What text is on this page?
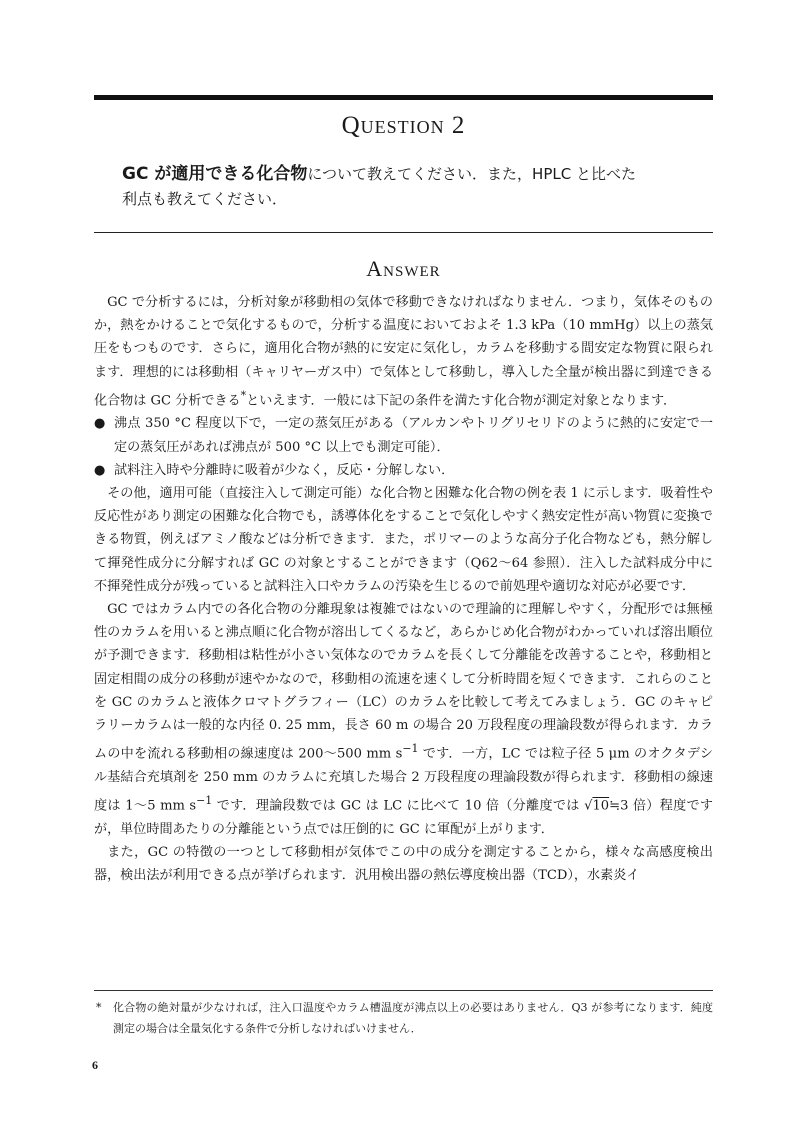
Question 2
GC が適用できる化合物について教えてください．また，HPLC と比べた
利点も教えてください．
Answer

GC で分析するには，分析対象が移動相の気体で移動できなければなりません．つまり，気体そのものか，熱をかけることで気化するもので，分析する温度においておよそ 1.3 kPa（10 mmHg）以上の蒸気圧をもつものです．さらに，適用化合物が熱的に安定に気化し，カラムを移動する間安定な物質に限られます．理想的には移動相（キャリヤーガス中）で気体として移動し，導入した全量が検出器に到達できる化合物は GC 分析できる*といえます．一般には下記の条件を満たす化合物が測定対象となります．

● 沸点 350 °C 程度以下で，一定の蒸気圧がある（アルカンやトリグリセリドのように熱的に安定で一定の蒸気圧があれば沸点が 500 °C 以上でも測定可能）．

● 試料注入時や分離時に吸着が少なく，反応・分解しない．

その他，適用可能（直接注入して測定可能）な化合物と困難な化合物の例を表 1 に示します．吸着性や反応性があり測定の困難な化合物でも，誘導体化をすることで気化しやすく熱安定性が高い物質に変換できる物質，例えばアミノ酸などは分析できます．また，ポリマーのような高分子化合物なども，熱分解して揮発性成分に分解すれば GC の対象とすることができます（Q62〜64 参照）．注入した試料成分中に不揮発性成分が残っていると試料注入口やカラムの汚染を生じるので前処理や適切な対応が必要です．

GC ではカラム内での各化合物の分離現象は複雑ではないので理論的に理解しやすく，分配形では無極性のカラムを用いると沸点順に化合物が溶出してくるなど，あらかじめ化合物がわかっていれば溶出順位が予測できます．移動相は粘性が小さい気体なのでカラムを長くして分離能を改善することや，移動相と固定相間の成分の移動が速やかなので，移動相の流速を速くして分析時間を短くできます．これらのことを GC のカラムと液体クロマトグラフィー（LC）のカラムを比較して考えてみましょう．GC のキャピラリーカラムは一般的な内径 0. 25 mm，長さ 60 m の場合 20 万段程度の理論段数が得られます．カラムの中を流れる移動相の線速度は 200〜500 mm $s^{-1}$ です．一方，LC では粒子径 5 μm のオクタデシル基結合充填剤を 250 mm のカラムに充填した場合 2 万段程度の理論段数が得られます．移動相の線速度は 1〜5 mm $s^{-1}$ です．理論段数では GC は LC に比べて 10 倍（分離度では √10≒3 倍）程度ですが，単位時間あたりの分離能という点では圧倒的に GC に軍配が上がります．

また，GC の特徴の一つとして移動相が気体でこの中の成分を測定することから，様々な高感度検出器，検出法が利用できる点が挙げられます．汎用検出器の熱伝導度検出器（TCD），水素炎イ

*	化合物の絶対量が少なければ，注入口温度やカラム槽温度が沸点以上の必要はありません．Q3 が参考になります．純度測定の場合は全量気化する条件で分析しなければいけません．
6
